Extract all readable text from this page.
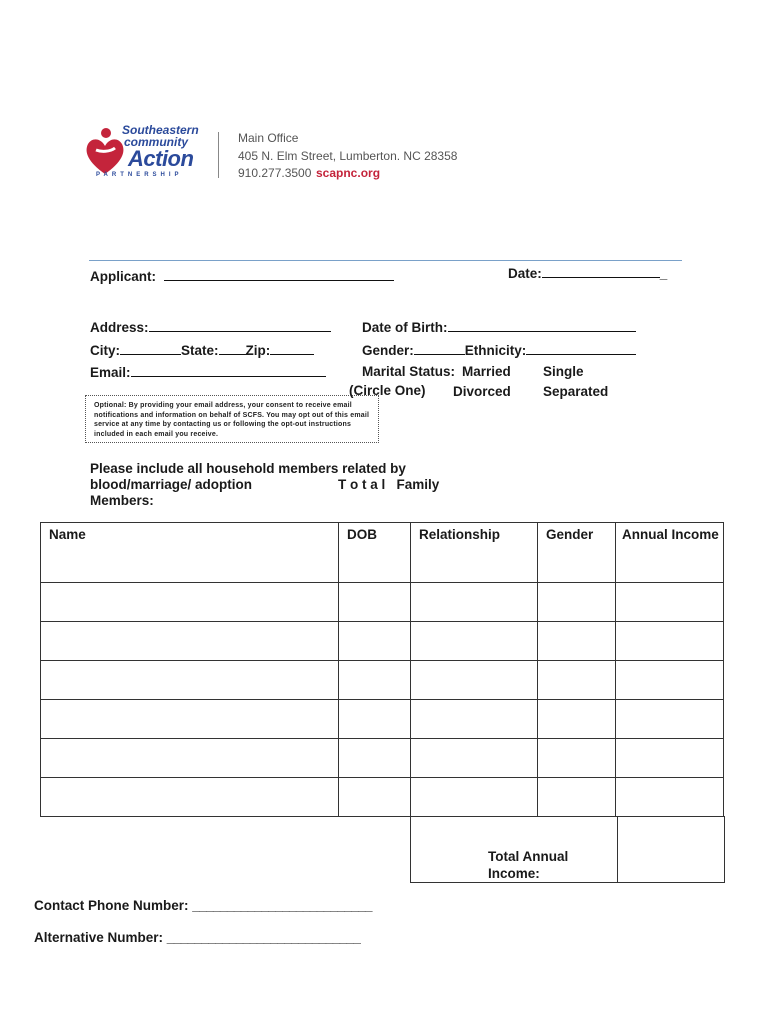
Southeastern
community
Action
PARTNERSHIP
Main Office
405 N. Elm Street, Lumberton. NC 28358
910.277.3500 scapnc.org
Applicant:	Date:	_
Address:	Date of Birth:
City:	State: Zip:	Gender:	Ethnicity:
Email:	Marital Status: Married Single
(Circle One) Divorced Separated
Optional: By providing your email address, your consent to receive email notifications and information on behalf of SCFS. You may opt out of this email service at any time by contacting us or following the opt-out instructions included in each email you receive.
Please include all household members related by
blood/marriage/ adoption	T o t a l   Family
Members:
Name	DOB	Relationship	Gender	Annual Income

Total Annual
Income:
Contact Phone Number: __________________________
Alternative Number: ____________________________
